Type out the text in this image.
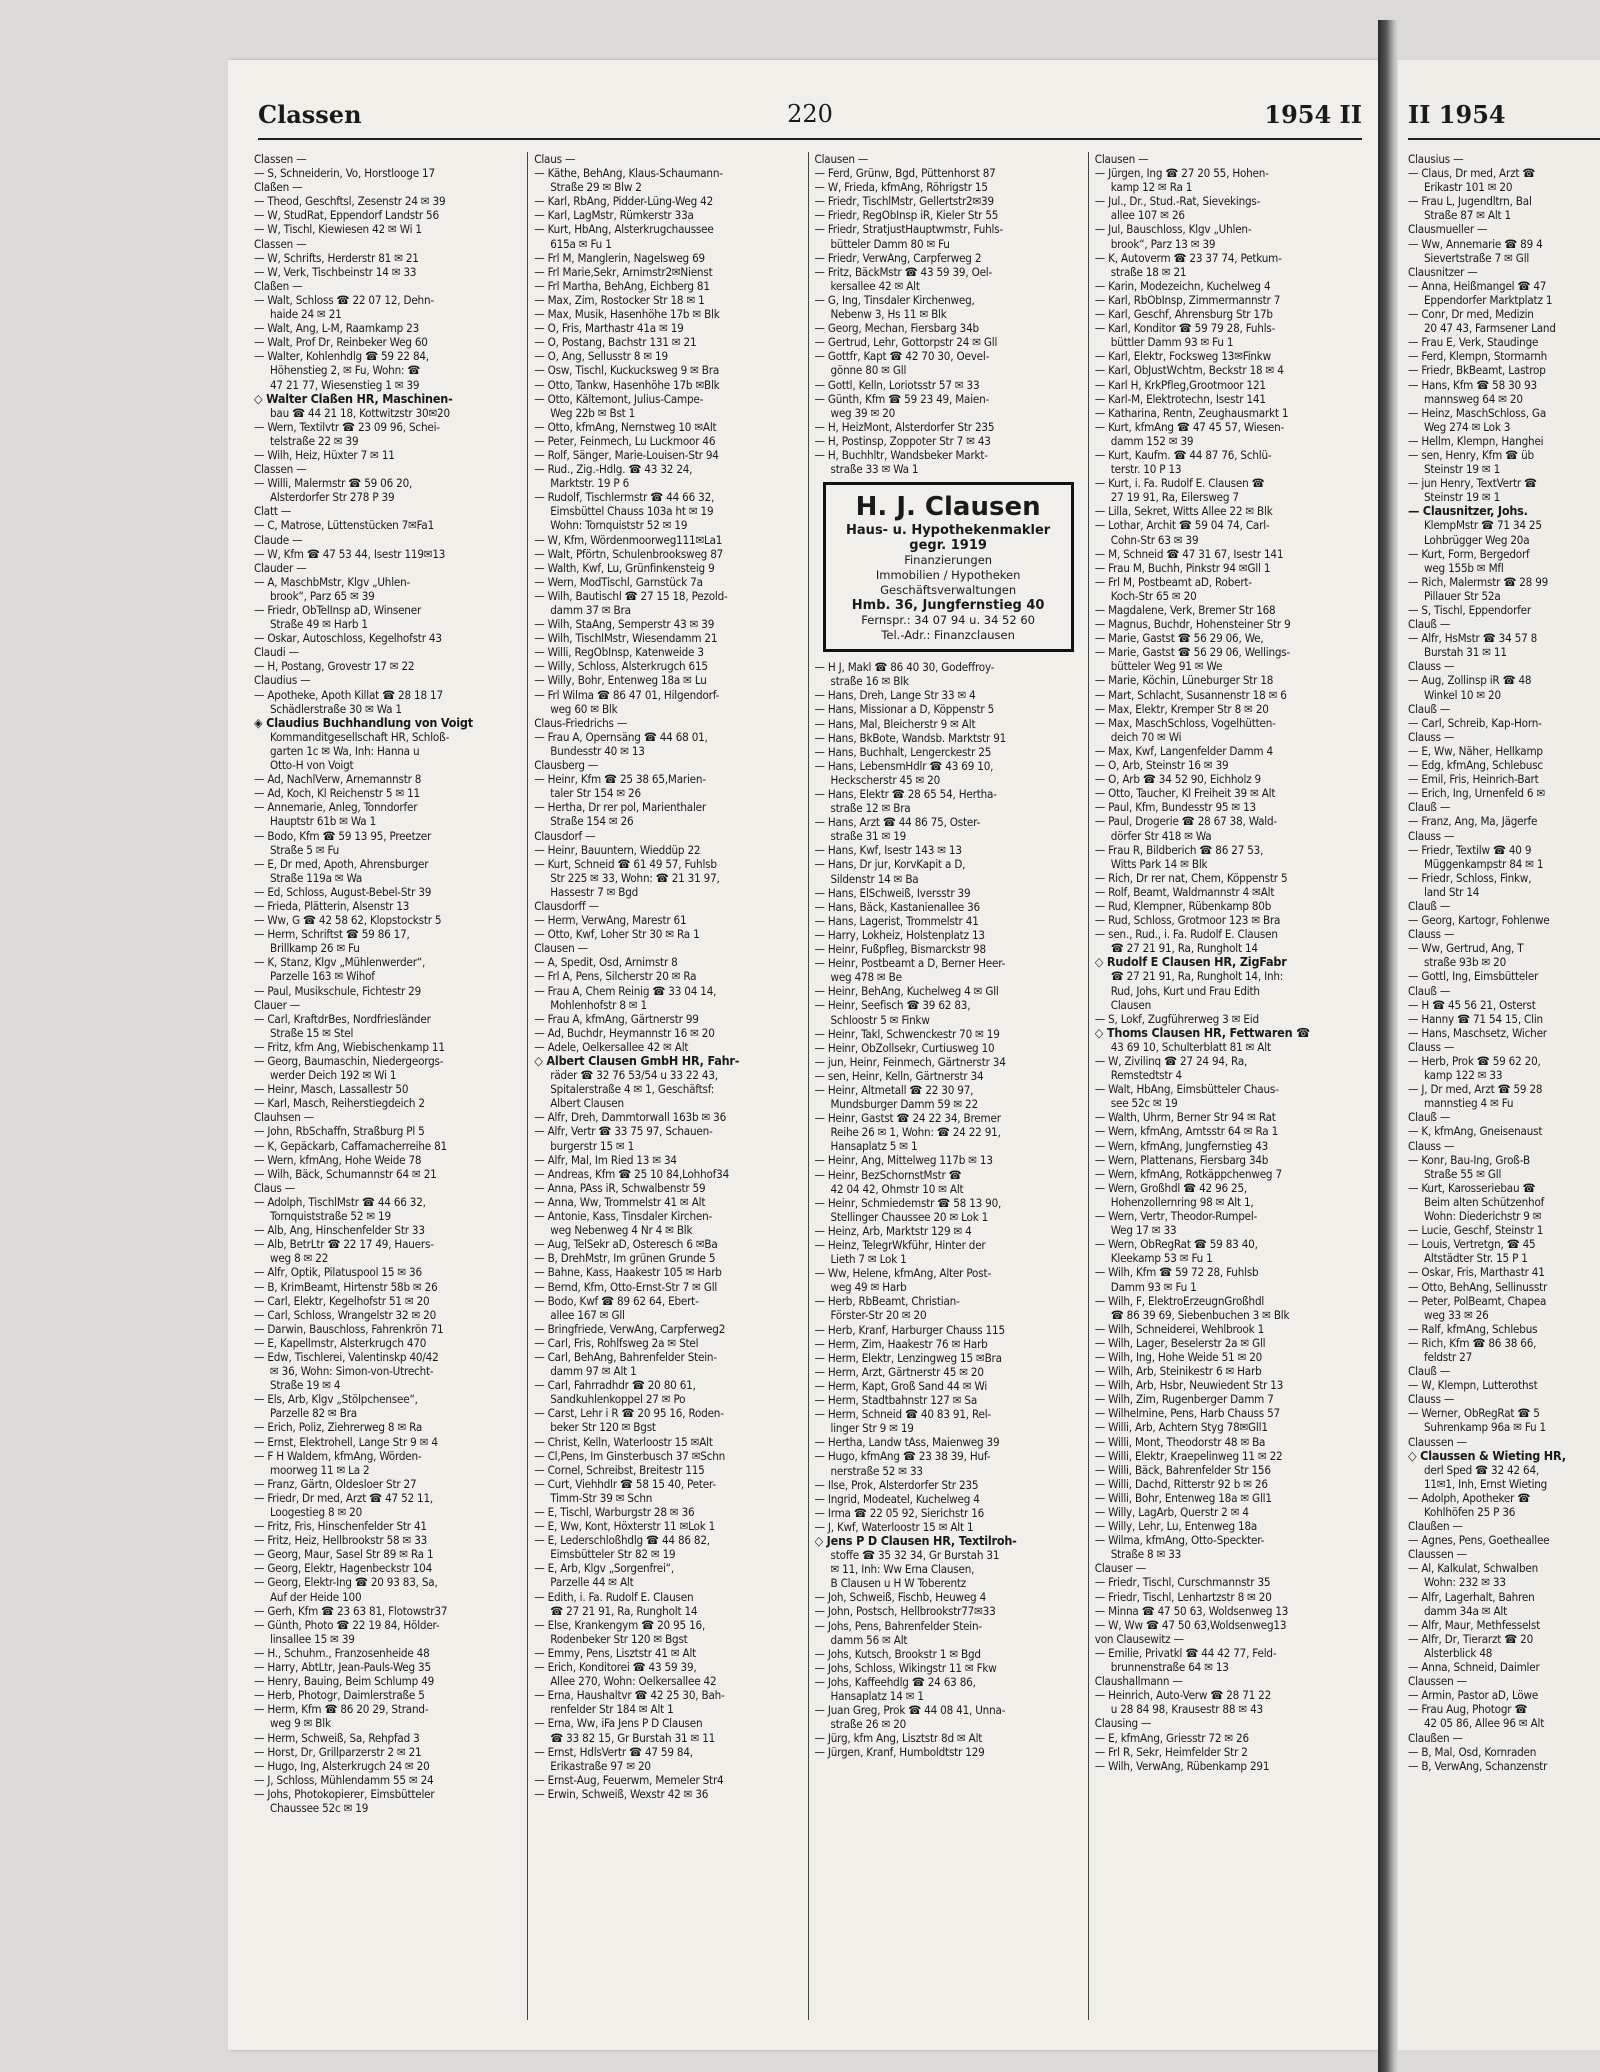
Classen	220	1954 II
Classen —
— S, Schneiderin, Vo, Horstlooge 17
Claßen —
— Theod, Geschftsl, Zesenstr 24 ✉ 39
— W, StudRat, Eppendorf Landstr 56
— W, Tischl, Kiewiesen 42 ✉ Wi 1
Classen —
— W, Schrifts, Herderstr 81 ✉ 21
— W, Verk, Tischbeinstr 14 ✉ 33
Claßen —
— Walt, Schloss ☎ 22 07 12, Dehn-
haide 24 ✉ 21
— Walt, Ang, L-M, Raamkamp 23
— Walt, Prof Dr, Reinbeker Weg 60
— Walter, Kohlenhdlg ☎ 59 22 84,
Höhenstieg 2, ✉ Fu, Wohn: ☎
47 21 77, Wiesenstieg 1 ✉ 39
◇ Walter Claßen HR, Maschinen-
bau ☎ 44 21 18, Kottwitzstr 30✉20
— Wern, Textilvtr ☎ 23 09 96, Schei-
telstraße 22 ✉ 39
— Wilh, Heiz, Hüxter 7 ✉ 11
Classen —
— Willi, Malermstr ☎ 59 06 20,
Alsterdorfer Str 278 P 39
Clatt —
— C, Matrose, Lüttenstücken 7✉Fa1
Claude —
— W, Kfm ☎ 47 53 44, Isestr 119✉13
Clauder —
— A, MaschbMstr, Klgv „Uhlen-
brook“, Parz 65 ✉ 39
— Friedr, ObTelInsp aD, Winsener
Straße 49 ✉ Harb 1
— Oskar, Autoschloss, Kegelhofstr 43
Claudi —
— H, Postang, Grovestr 17 ✉ 22
Claudius —
— Apotheke, Apoth Killat ☎ 28 18 17
Schädlerstraße 30 ✉ Wa 1
◈ Claudius Buchhandlung von Voigt
Kommanditgesellschaft HR, Schloß-
garten 1c ✉ Wa, Inh: Hanna u
Otto-H von Voigt
— Ad, NachlVerw, Arnemannstr 8
— Ad, Koch, Kl Reichenstr 5 ✉ 11
— Annemarie, Anleg, Tonndorfer
Hauptstr 61b ✉ Wa 1
— Bodo, Kfm ☎ 59 13 95, Preetzer
Straße 5 ✉ Fu
— E, Dr med, Apoth, Ahrensburger
Straße 119a ✉ Wa
— Ed, Schloss, August-Bebel-Str 39
— Frieda, Plätterin, Alsenstr 13
— Ww, G ☎ 42 58 62, Klopstockstr 5
— Herm, Schriftst ☎ 59 86 17,
Brillkamp 26 ✉ Fu
— K, Stanz, Klgv „Mühlenwerder“,
Parzelle 163 ✉ Wihof
— Paul, Musikschule, Fichtestr 29
Clauer —
— Carl, KraftdrBes, Nordfriesländer
Straße 15 ✉ Stel
— Fritz, kfm Ang, Wiebischenkamp 11
— Georg, Baumaschin, Niedergeorgs-
werder Deich 192 ✉ Wi 1
— Heinr, Masch, Lassallestr 50
— Karl, Masch, Reiherstiegdeich 2
Clauhsen —
— John, RbSchaffn, Straßburg Pl 5
— K, Gepäckarb, Caffamacherreihe 81
— Wern, kfmAng, Hohe Weide 78
— Wilh, Bäck, Schumannstr 64 ✉ 21
Claus —
— Adolph, TischlMstr ☎ 44 66 32,
Tornquiststraße 52 ✉ 19
— Alb, Ang, Hinschenfelder Str 33
— Alb, BetrLtr ☎ 22 17 49, Hauers-
weg 8 ✉ 22
— Alfr, Optik, Pilatuspool 15 ✉ 36
— B, KrimBeamt, Hirtenstr 58b ✉ 26
— Carl, Elektr, Kegelhofstr 51 ✉ 20
— Carl, Schloss, Wrangelstr 32 ✉ 20
— Darwin, Bauschloss, Fahrenkrön 71
— E, Kapellmstr, Alsterkrugch 470
— Edw, Tischlerei, Valentinskp 40/42
✉ 36, Wohn: Simon-von-Utrecht-
Straße 19 ✉ 4
— Els, Arb, Klgv „Stölpchensee“,
Parzelle 82 ✉ Bra
— Erich, Poliz, Ziehrerweg 8 ✉ Ra
— Ernst, Elektrohell, Lange Str 9 ✉ 4
— F H Waldem, kfmAng, Wörden-
moorweg 11 ✉ La 2
— Franz, Gärtn, Oldesloer Str 27
— Friedr, Dr med, Arzt ☎ 47 52 11,
Loogestieg 8 ✉ 20
— Fritz, Fris, Hinschenfelder Str 41
— Fritz, Heiz, Hellbrookstr 58 ✉ 33
— Georg, Maur, Sasel Str 89 ✉ Ra 1
— Georg, Elektr, Hagenbeckstr 104
— Georg, Elektr-Ing ☎ 20 93 83, Sa,
Auf der Heide 100
— Gerh, Kfm ☎ 23 63 81, Flotowstr37
— Günth, Photo ☎ 22 19 84, Hölder-
linsallee 15 ✉ 39
— H., Schuhm., Franzosenheide 48
— Harry, AbtLtr, Jean-Pauls-Weg 35
— Henry, Bauing, Beim Schlump 49
— Herb, Photogr, Daimlerstraße 5
— Herm, Kfm ☎ 86 20 29, Strand-
weg 9 ✉ Blk
— Herm, Schweiß, Sa, Rehpfad 3
— Horst, Dr, Grillparzerstr 2 ✉ 21
— Hugo, Ing, Alsterkrugch 24 ✉ 20
— J, Schloss, Mühlendamm 55 ✉ 24
— Johs, Photokopierer, Eimsbütteler
Chaussee 52c ✉ 19
Claus —
— Käthe, BehAng, Klaus-Schaumann-
Straße 29 ✉ Blw 2
— Karl, RbAng, Pidder-Lüng-Weg 42
— Karl, LagMstr, Rümkerstr 33a
— Kurt, HbAng, Alsterkrugchaussee
615a ✉ Fu 1
— Frl M, Manglerin, Nagelsweg 69
— Frl Marie,Sekr, Arnimstr2✉Nienst
— Frl Martha, BehAng, Eichberg 81
— Max, Zim, Rostocker Str 18 ✉ 1
— Max, Musik, Hasenhöhe 17b ✉ Blk
— O, Fris, Marthastr 41a ✉ 19
— O, Postang, Bachstr 131 ✉ 21
— O, Ang, Sellusstr 8 ✉ 19
— Osw, Tischl, Kuckucksweg 9 ✉ Bra
— Otto, Tankw, Hasenhöhe 17b ✉Blk
— Otto, Kältemont, Julius-Campe-
Weg 22b ✉ Bst 1
— Otto, kfmAng, Nernstweg 10 ✉Alt
— Peter, Feinmech, Lu Luckmoor 46
— Rolf, Sänger, Marie-Louisen-Str 94
— Rud., Zig.-Hdlg. ☎ 43 32 24,
Marktstr. 19 P 6
— Rudolf, Tischlermstr ☎ 44 66 32,
Eimsbüttel Chauss 103a ht ✉ 19
Wohn: Tornquiststr 52 ✉ 19
— W, Kfm, Wördenmoorweg111✉La1
— Walt, Pförtn, Schulenbrooksweg 87
— Walth, Kwf, Lu, Grünfinkensteig 9
— Wern, ModTischl, Garnstück 7a
— Wilh, Bautischl ☎ 27 15 18, Pezold-
damm 37 ✉ Bra
— Wilh, StaAng, Semperstr 43 ✉ 39
— Wilh, TischlMstr, Wiesendamm 21
— Willi, RegObInsp, Katenweide 3
— Willy, Schloss, Alsterkrugch 615
— Willy, Bohr, Entenweg 18a ✉ Lu
— Frl Wilma ☎ 86 47 01, Hilgendorf-
weg 60 ✉ Blk
Claus-Friedrichs —
— Frau A, Opernsäng ☎ 44 68 01,
Bundesstr 40 ✉ 13
Clausberg —
— Heinr, Kfm ☎ 25 38 65,Marien-
taler Str 154 ✉ 26
— Hertha, Dr rer pol, Marienthaler
Straße 154 ✉ 26
Clausdorf —
— Heinr, Bauuntern, Wieddüp 22
— Kurt, Schneid ☎ 61 49 57, Fuhlsb
Str 225 ✉ 33, Wohn: ☎ 21 31 97,
Hassestr 7 ✉ Bgd
Clausdorff —
— Herm, VerwAng, Marestr 61
— Otto, Kwf, Loher Str 30 ✉ Ra 1
Clausen —
— A, Spedit, Osd, Arnimstr 8
— Frl A, Pens, Silcherstr 20 ✉ Ra
— Frau A, Chem Reinig ☎ 33 04 14,
Mohlenhofstr 8 ✉ 1
— Frau A, kfmAng, Gärtnerstr 99
— Ad, Buchdr, Heymannstr 16 ✉ 20
— Adele, Oelkersallee 42 ✉ Alt
◇ Albert Clausen GmbH HR, Fahr-
räder ☎ 32 76 53/54 u 33 22 43,
Spitalerstraße 4 ✉ 1, Geschäftsf:
Albert Clausen
— Alfr, Dreh, Dammtorwall 163b ✉ 36
— Alfr, Vertr ☎ 33 75 97, Schauen-
burgerstr 15 ✉ 1
— Alfr, Mal, Im Ried 13 ✉ 34
— Andreas, Kfm ☎ 25 10 84,Lohhof34
— Anna, PAss iR, Schwalbenstr 59
— Anna, Ww, Trommelstr 41 ✉ Alt
— Antonie, Kass, Tinsdaler Kirchen-
weg Nebenweg 4 Nr 4 ✉ Blk
— Aug, TelSekr aD, Osteresch 6 ✉Ba
— B, DrehMstr, Im grünen Grunde 5
— Bahne, Kass, Haakestr 105 ✉ Harb
— Bernd, Kfm, Otto-Ernst-Str 7 ✉ Gll
— Bodo, Kwf ☎ 89 62 64, Ebert-
allee 167 ✉ Gll
— Bringfriede, VerwAng, Carpferweg2
— Carl, Fris, Rohlfsweg 2a ✉ Stel
— Carl, BehAng, Bahrenfelder Stein-
damm 97 ✉ Alt 1
— Carl, Fahrradhdr ☎ 20 80 61,
Sandkuhlenkoppel 27 ✉ Po
— Carst, Lehr i R ☎ 20 95 16, Roden-
beker Str 120 ✉ Bgst
— Christ, Kelln, Waterloostr 15 ✉Alt
— Cl,Pens, Im Ginsterbusch 37 ✉Schn
— Cornel, Schreibst, Breitestr 115
— Curt, Viehhdlr ☎ 58 15 40, Peter-
Timm-Str 39 ✉ Schn
— E, Tischl, Warburgstr 28 ✉ 36
— E, Ww, Kont, Höxterstr 11 ✉Lok 1
— E, Lederschloßhdlg ☎ 44 86 82,
Eimsbütteler Str 82 ✉ 19
— E, Arb, Klgv „Sorgenfrei“,
Parzelle 44 ✉ Alt
— Edith, i. Fa. Rudolf E. Clausen
☎ 27 21 91, Ra, Rungholt 14
— Else, Krankengym ☎ 20 95 16,
Rodenbeker Str 120 ✉ Bgst
— Emmy, Pens, Lisztstr 41 ✉ Alt
— Erich, Konditorei ☎ 43 59 39,
Allee 270, Wohn: Oelkersallee 42
— Erna, Haushaltvr ☎ 42 25 30, Bah-
renfelder Str 184 ✉ Alt 1
— Erna, Ww, iFa Jens P D Clausen
☎ 33 82 15, Gr Burstah 31 ✉ 11
— Ernst, HdlsVertr ☎ 47 59 84,
Erikastraße 97 ✉ 20
— Ernst-Aug, Feuerwm, Memeler Str4
— Erwin, Schweiß, Wexstr 42 ✉ 36
Clausen —
— Ferd, Grünw, Bgd, Püttenhorst 87
— W, Frieda, kfmAng, Röhrigstr 15
— Friedr, TischlMstr, Gellertstr2✉39
— Friedr, RegObInsp iR, Kieler Str 55
— Friedr, StratjustHauptwmstr, Fuhls-
bütteler Damm 80 ✉ Fu
— Friedr, VerwAng, Carpferweg 2
— Fritz, BäckMstr ☎ 43 59 39, Oel-
kersallee 42 ✉ Alt
— G, Ing, Tinsdaler Kirchenweg,
Nebenw 3, Hs 11 ✉ Blk
— Georg, Mechan, Fiersbarg 34b
— Gertrud, Lehr, Gottorpstr 24 ✉ Gll
— Gottfr, Kapt ☎ 42 70 30, Oevel-
gönne 80 ✉ Gll
— Gottl, Kelln, Loriotsstr 57 ✉ 33
— Günth, Kfm ☎ 59 23 49, Maien-
weg 39 ✉ 20
— H, HeizMont, Alsterdorfer Str 235
— H, Postinsp, Zoppoter Str 7 ✉ 43
— H, Buchhltr, Wandsbeker Markt-
straße 33 ✉ Wa 1
H. J. Clausen
Haus- u. Hypothekenmakler
gegr. 1919
Finanzierungen
Immobilien / Hypotheken
Geschäftsverwaltungen
Hmb. 36, Jungfernstieg 40
Fernspr.: 34 07 94 u. 34 52 60
Tel.-Adr.: Finanzclausen
— H J, Makl ☎ 86 40 30, Godeffroy-
straße 16 ✉ Blk
— Hans, Dreh, Lange Str 33 ✉ 4
— Hans, Missionar a D, Köppenstr 5
— Hans, Mal, Bleicherstr 9 ✉ Alt
— Hans, BkBote, Wandsb. Marktstr 91
— Hans, Buchhalt, Lengerckestr 25
— Hans, LebensmHdlr ☎ 43 69 10,
Heckscherstr 45 ✉ 20
— Hans, Elektr ☎ 28 65 54, Hertha-
straße 12 ✉ Bra
— Hans, Arzt ☎ 44 86 75, Oster-
straße 31 ✉ 19
— Hans, Kwf, Isestr 143 ✉ 13
— Hans, Dr jur, KorvKapit a D,
Sildenstr 14 ✉ Ba
— Hans, ElSchweiß, Iversstr 39
— Hans, Bäck, Kastanienallee 36
— Hans, Lagerist, Trommelstr 41
— Harry, Lokheiz, Holstenplatz 13
— Heinr, Fußpfleg, Bismarckstr 98
— Heinr, Postbeamt a D, Berner Heer-
weg 478 ✉ Be
— Heinr, BehAng, Kuchelweg 4 ✉ Gll
— Heinr, Seefisch ☎ 39 62 83,
Schloostr 5 ✉ Finkw
— Heinr, Takl, Schwenckestr 70 ✉ 19
— Heinr, ObZollsekr, Curtiusweg 10
— jun, Heinr, Feinmech, Gärtnerstr 34
— sen, Heinr, Kelln, Gärtnerstr 34
— Heinr, Altmetall ☎ 22 30 97,
Mundsburger Damm 59 ✉ 22
— Heinr, Gastst ☎ 24 22 34, Bremer
Reihe 26 ✉ 1, Wohn: ☎ 24 22 91,
Hansaplatz 5 ✉ 1
— Heinr, Ang, Mittelweg 117b ✉ 13
— Heinr, BezSchornstMstr ☎
42 04 42, Ohmstr 10 ✉ Alt
— Heinr, Schmiedemstr ☎ 58 13 90,
Stellinger Chaussee 20 ✉ Lok 1
— Heinz, Arb, Marktstr 129 ✉ 4
— Heinz, TelegrWkführ, Hinter der
Lieth 7 ✉ Lok 1
— Ww, Helene, kfmAng, Alter Post-
weg 49 ✉ Harb
— Herb, RbBeamt, Christian-
Förster-Str 20 ✉ 20
— Herb, Kranf, Harburger Chauss 115
— Herm, Zim, Haakestr 76 ✉ Harb
— Herm, Elektr, Lenzingweg 15 ✉Bra
— Herm, Arzt, Gärtnerstr 45 ✉ 20
— Herm, Kapt, Groß Sand 44 ✉ Wi
— Herm, Stadtbahnstr 127 ✉ Sa
— Herm, Schneid ☎ 40 83 91, Rel-
linger Str 9 ✉ 19
— Hertha, Landw tAss, Maienweg 39
— Hugo, kfmAng ☎ 23 38 39, Huf-
nerstraße 52 ✉ 33
— Ilse, Prok, Alsterdorfer Str 235
— Ingrid, Modeatel, Kuchelweg 4
— Irma ☎ 22 05 92, Sierichstr 16
— J, Kwf, Waterloostr 15 ✉ Alt 1
◇ Jens P D Clausen HR, Textilroh-
stoffe ☎ 35 32 34, Gr Burstah 31
✉ 11, Inh: Ww Erna Clausen,
B Clausen u H W Toberentz
— Joh, Schweiß, Fischb, Heuweg 4
— John, Postsch, Hellbrookstr77✉33
— Johs, Pens, Bahrenfelder Stein-
damm 56 ✉ Alt
— Johs, Kutsch, Brookstr 1 ✉ Bgd
— Johs, Schloss, Wikingstr 11 ✉ Fkw
— Johs, Kaffeehdlg ☎ 24 63 86,
Hansaplatz 14 ✉ 1
— Juan Greg, Prok ☎ 44 08 41, Unna-
straße 26 ✉ 20
— Jürg, kfm Ang, Lisztstr 8d ✉ Alt
— Jürgen, Kranf, Humboldtstr 129
Clausen —
— Jürgen, Ing ☎ 27 20 55, Hohen-
kamp 12 ✉ Ra 1
— Jul., Dr., Stud.-Rat, Sievekings-
allee 107 ✉ 26
— Jul, Bauschloss, Klgv „Uhlen-
brook“, Parz 13 ✉ 39
— K, Autoverm ☎ 23 37 74, Petkum-
straße 18 ✉ 21
— Karin, Modezeichn, Kuchelweg 4
— Karl, RbObInsp, Zimmermannstr 7
— Karl, Geschf, Ahrensburg Str 17b
— Karl, Konditor ☎ 59 79 28, Fuhls-
büttler Damm 93 ✉ Fu 1
— Karl, Elektr, Focksweg 13✉Finkw
— Karl, ObJustWchtm, Beckstr 18 ✉ 4
— Karl H, KrkPfleg,Grootmoor 121
— Karl-M, Elektrotechn, Isestr 141
— Katharina, Rentn, Zeughausmarkt 1
— Kurt, kfmAng ☎ 47 45 57, Wiesen-
damm 152 ✉ 39
— Kurt, Kaufm. ☎ 44 87 76, Schlü-
terstr. 10 P 13
— Kurt, i. Fa. Rudolf E. Clausen ☎
27 19 91, Ra, Eilersweg 7
— Lilla, Sekret, Witts Allee 22 ✉ Blk
— Lothar, Archit ☎ 59 04 74, Carl-
Cohn-Str 63 ✉ 39
— M, Schneid ☎ 47 31 67, Isestr 141
— Frau M, Buchh, Pinkstr 94 ✉Gll 1
— Frl M, Postbeamt aD, Robert-
Koch-Str 65 ✉ 20
— Magdalene, Verk, Bremer Str 168
— Magnus, Buchdr, Hohensteiner Str 9
— Marie, Gastst ☎ 56 29 06, We,
— Marie, Gastst ☎ 56 29 06, Wellings-
bütteler Weg 91 ✉ We
— Marie, Köchin, Lüneburger Str 18
— Mart, Schlacht, Susannenstr 18 ✉ 6
— Max, Elektr, Kremper Str 8 ✉ 20
— Max, MaschSchloss, Vogelhütten-
deich 70 ✉ Wi
— Max, Kwf, Langenfelder Damm 4
— O, Arb, Steinstr 16 ✉ 39
— O, Arb ☎ 34 52 90, Eichholz 9
— Otto, Taucher, Kl Freiheit 39 ✉ Alt
— Paul, Kfm, Bundesstr 95 ✉ 13
— Paul, Drogerie ☎ 28 67 38, Wald-
dörfer Str 418 ✉ Wa
— Frau R, Bildberich ☎ 86 27 53,
Witts Park 14 ✉ Blk
— Rich, Dr rer nat, Chem, Köppenstr 5
— Rolf, Beamt, Waldmannstr 4 ✉Alt
— Rud, Klempner, Rübenkamp 80b
— Rud, Schloss, Grotmoor 123 ✉ Bra
— sen., Rud., i. Fa. Rudolf E. Clausen
☎ 27 21 91, Ra, Rungholt 14
◇ Rudolf E Clausen HR, ZigFabr
☎ 27 21 91, Ra, Rungholt 14, Inh:
Rud, Johs, Kurt und Frau Edith
Clausen
— S, Lokf, Zugführerweg 3 ✉ Eid
◇ Thoms Clausen HR, Fettwaren ☎
43 69 10, Schulterblatt 81 ✉ Alt
— W, Zivilinq ☎ 27 24 94, Ra,
Remstedtstr 4
— Walt, HbAng, Eimsbütteler Chaus-
see 52c ✉ 19
— Walth, Uhrm, Berner Str 94 ✉ Rat
— Wern, kfmAng, Amtsstr 64 ✉ Ra 1
— Wern, kfmAng, Jungfernstieg 43
— Wern, Plattenans, Fiersbarg 34b
— Wern, kfmAng, Rotkäppchenweg 7
— Wern, Großhdl ☎ 42 96 25,
Hohenzollernring 98 ✉ Alt 1,
— Wern, Vertr, Theodor-Rumpel-
Weg 17 ✉ 33
— Wern, ObRegRat ☎ 59 83 40,
Kleekamp 53 ✉ Fu 1
— Wilh, Kfm ☎ 59 72 28, Fuhlsb
Damm 93 ✉ Fu 1
— Wilh, F, ElektroErzeugnGroßhdl
☎ 86 39 69, Siebenbuchen 3 ✉ Blk
— Wilh, Schneiderei, Wehlbrook 1
— Wilh, Lager, Beselerstr 2a ✉ Gll
— Wilh, Ing, Hohe Weide 51 ✉ 20
— Wilh, Arb, Steinikestr 6 ✉ Harb
— Wilh, Arb, Hsbr, Neuwiedent Str 13
— Wilh, Zim, Rugenberger Damm 7
— Wilhelmine, Pens, Harb Chauss 57
— Willi, Arb, Achtern Styg 78✉Gll1
— Willi, Mont, Theodorstr 48 ✉ Ba
— Willi, Elektr, Kraepelinweg 11 ✉ 22
— Willi, Bäck, Bahrenfelder Str 156
— Willi, Dachd, Ritterstr 92 b ✉ 26
— Willi, Bohr, Entenweg 18a ✉ Gll1
— Willy, LagArb, Querstr 2 ✉ 4
— Willy, Lehr, Lu, Entenweg 18a
— Wilma, kfmAng, Otto-Speckter-
Straße 8 ✉ 33
Clauser —
— Friedr, Tischl, Curschmannstr 35
— Friedr, Tischl, Lenhartzstr 8 ✉ 20
— Minna ☎ 47 50 63, Woldsenweg 13
— W, Ww ☎ 47 50 63,Woldsenweg13
von Clausewitz —
— Emilie, Privatkl ☎ 44 42 77, Feld-
brunnenstraße 64 ✉ 13
Claushallmann —
— Heinrich, Auto-Verw ☎ 28 71 22
u 28 84 98, Krausestr 88 ✉ 43
Clausing —
— E, kfmAng, Griesstr 72 ✉ 26
— Frl R, Sekr, Heimfelder Str 2
— Wilh, VerwAng, Rübenkamp 291
II 1954
Clausius —
— Claus, Dr med, Arzt ☎
Erikastr 101 ✉ 20
— Frau L, Jugendltrn, Bal
Straße 87 ✉ Alt 1
Clausmueller —
— Ww, Annemarie ☎ 89 4
Sievertstraße 7 ✉ Gll
Clausnitzer —
— Anna, Heißmangel ☎ 47
Eppendorfer Marktplatz 1
— Conr, Dr med, Medizin
20 47 43, Farmsener Land
— Frau E, Verk, Staudinge
— Ferd, Klempn, Stormarnh
— Friedr, BkBeamt, Lastrop
— Hans, Kfm ☎ 58 30 93
mannsweg 64 ✉ 20
— Heinz, MaschSchloss, Ga
Weg 274 ✉ Lok 3
— Hellm, Klempn, Hanghei
— sen, Henry, Kfm ☎ üb
Steinstr 19 ✉ 1
— jun Henry, TextVertr ☎
Steinstr 19 ✉ 1
— Clausnitzer, Johs.
KlempMstr ☎ 71 34 25
Lohbrügger Weg 20a
— Kurt, Form, Bergedorf
weg 155b ✉ Mfl
— Rich, Malermstr ☎ 28 99
Pillauer Str 52a
— S, Tischl, Eppendorfer
Clauß —
— Alfr, HsMstr ☎ 34 57 8
Burstah 31 ✉ 11
Clauss —
— Aug, Zollinsp iR ☎ 48
Winkel 10 ✉ 20
Clauß —
— Carl, Schreib, Kap-Horn-
Clauss —
— E, Ww, Näher, Hellkamp
— Edg, kfmAng, Schlebusc
— Emil, Fris, Heinrich-Bart
— Erich, Ing, Urnenfeld 6 ✉
Clauß —
— Franz, Ang, Ma, Jägerfe
Clauss —
— Friedr, Textilw ☎ 40 9
Müggenkampstr 84 ✉ 1
— Friedr, Schloss, Finkw,
land Str 14
Clauß —
— Georg, Kartogr, Fohlenwe
Clauss —
— Ww, Gertrud, Ang, T
straße 93b ✉ 20
— Gottl, Ing, Eimsbütteler
Clauß —
— H ☎ 45 56 21, Osterst
— Hanny ☎ 71 54 15, Clin
— Hans, Maschsetz, Wicher
Clauss —
— Herb, Prok ☎ 59 62 20,
kamp 122 ✉ 33
— J, Dr med, Arzt ☎ 59 28
mannstieg 4 ✉ Fu
Clauß —
— K, kfmAng, Gneisenaust
Clauss —
— Konr, Bau-Ing, Groß-B
Straße 55 ✉ Gll
— Kurt, Karosseriebau ☎
Beim alten Schützenhof
Wohn: Diederichstr 9 ✉
— Lucie, Geschf, Steinstr 1
— Louis, Vertretgn, ☎ 45
Altstädter Str. 15 P 1
— Oskar, Fris, Marthastr 41
— Otto, BehAng, Sellinusstr
— Peter, PolBeamt, Chapea
weg 33 ✉ 26
— Ralf, kfmAng, Schlebus
— Rich, Kfm ☎ 86 38 66,
feldstr 27
Clauß —
— W, Klempn, Lutterothst
Clauss —
— Werner, ObRegRat ☎ 5
Suhrenkamp 96a ✉ Fu 1
Claussen —
◇ Claussen & Wieting HR,
derl Sped ☎ 32 42 64,
11✉1, Inh, Ernst Wieting
— Adolph, Apotheker ☎
Kohlhöfen 25 P 36
Claußen —
— Agnes, Pens, Goetheallee
Claussen —
— Al, Kalkulat, Schwalben
Wohn: 232 ✉ 33
— Alfr, Lagerhalt, Bahren
damm 34a ✉ Alt
— Alfr, Maur, Methfesselst
— Alfr, Dr, Tierarzt ☎ 20
Alsterblick 48
— Anna, Schneid, Daimler
Claussen —
— Armin, Pastor aD, Löwe
— Frau Aug, Photogr ☎
42 05 86, Allee 96 ✉ Alt
Claußen —
— B, Mal, Osd, Kornraden
— B, VerwAng, Schanzenstr
